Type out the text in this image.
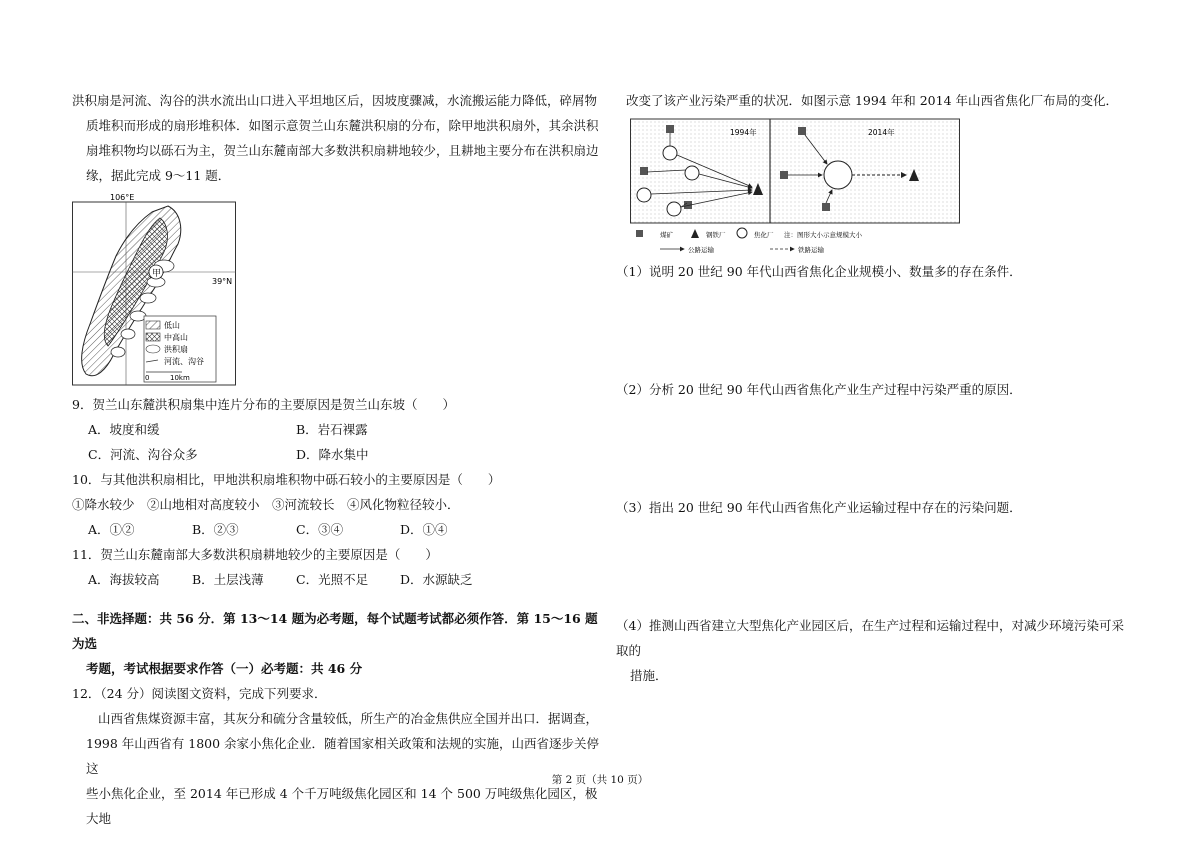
洪积扇是河流、沟谷的洪水流出山口进入平坦地区后，因坡度骤减，水流搬运能力降低，碎屑物

质堆积而形成的扇形堆积体．如图示意贺兰山东麓洪积扇的分布，除甲地洪积扇外，其余洪积

扇堆积物均以砾石为主，贺兰山东麓南部大多数洪积扇耕地较少，且耕地主要分布在洪积扇边

缘，据此完成 9～11 题．

甲
106°E
39°N
低山
中高山
洪积扇
河流、沟谷
0	10km

9．贺兰山东麓洪积扇集中连片分布的主要原因是贺兰山东坡（　　）

A．坡度和缓	B．岩石裸露
C．河流、沟谷众多	D．降水集中

10．与其他洪积扇相比，甲地洪积扇堆积物中砾石较小的主要原因是（　　）

①降水较少　②山地相对高度较小　③河流较长　④风化物粒径较小．

A．①②	B．②③	C．③④	D．①④

11．贺兰山东麓南部大多数洪积扇耕地较少的主要原因是（　　）

A．海拔较高	B．土层浅薄	C．光照不足	D．水源缺乏

二、非选择题：共 56 分．第 13～14 题为必考题，每个试题考试都必须作答．第 15～16 题为选

考题，考试根据要求作答（一）必考题：共 46 分

12．（24 分）阅读图文资料，完成下列要求．

山西省焦煤资源丰富，其灰分和硫分含量较低，所生产的冶金焦供应全国并出口．据调查，

1998 年山西省有 1800 余家小焦化企业．随着国家相关政策和法规的实施，山西省逐步关停这

些小焦化企业，至 2014 年已形成 4 个千万吨级焦化园区和 14 个 500 万吨级焦化园区，极大地

改变了该产业污染严重的状况．如图示意 1994 年和 2014 年山西省焦化厂布局的变化．

1994年	2014年
煤矿	钢铁厂	焦化厂 注：图形大小示意规模大小
公路运输	铁路运输

（1）说明 20 世纪 90 年代山西省焦化企业规模小、数量多的存在条件．

（2）分析 20 世纪 90 年代山西省焦化产业生产过程中污染严重的原因．

（3）指出 20 世纪 90 年代山西省焦化产业运输过程中存在的污染问题．

（4）推测山西省建立大型焦化产业园区后，在生产过程和运输过程中，对减少环境污染可采取的

措施．

第 2 页（共 10 页）
